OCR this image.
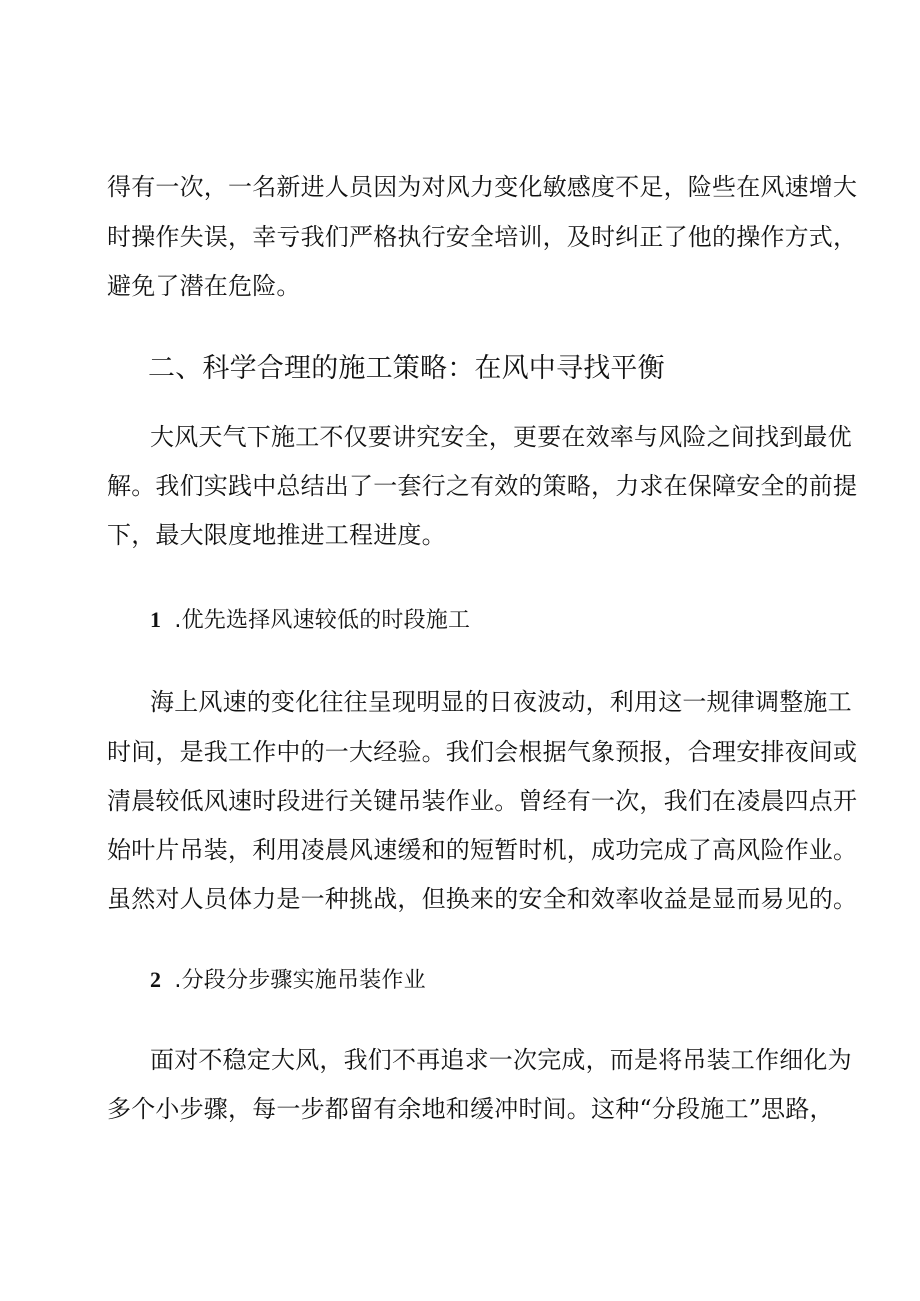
得有一次，一名新进人员因为对风力变化敏感度不足，险些在风速增大
时操作失误，幸亏我们严格执行安全培训，及时纠正了他的操作方式，
避免了潜在危险。
二、科学合理的施工策略：在风中寻找平衡
大风天气下施工不仅要讲究安全，更要在效率与风险之间找到最优
解。我们实践中总结出了一套行之有效的策略，力求在保障安全的前提
下，最大限度地推进工程进度。
1 .优先选择风速较低的时段施工
海上风速的变化往往呈现明显的日夜波动，利用这一规律调整施工
时间，是我工作中的一大经验。我们会根据气象预报，合理安排夜间或
清晨较低风速时段进行关键吊装作业。曾经有一次，我们在凌晨四点开
始叶片吊装，利用凌晨风速缓和的短暂时机，成功完成了高风险作业。
虽然对人员体力是一种挑战，但换来的安全和效率收益是显而易见的。
2 .分段分步骤实施吊装作业
面对不稳定大风，我们不再追求一次完成，而是将吊装工作细化为
多个小步骤，每一步都留有余地和缓冲时间。这种“分段施工”思路，
